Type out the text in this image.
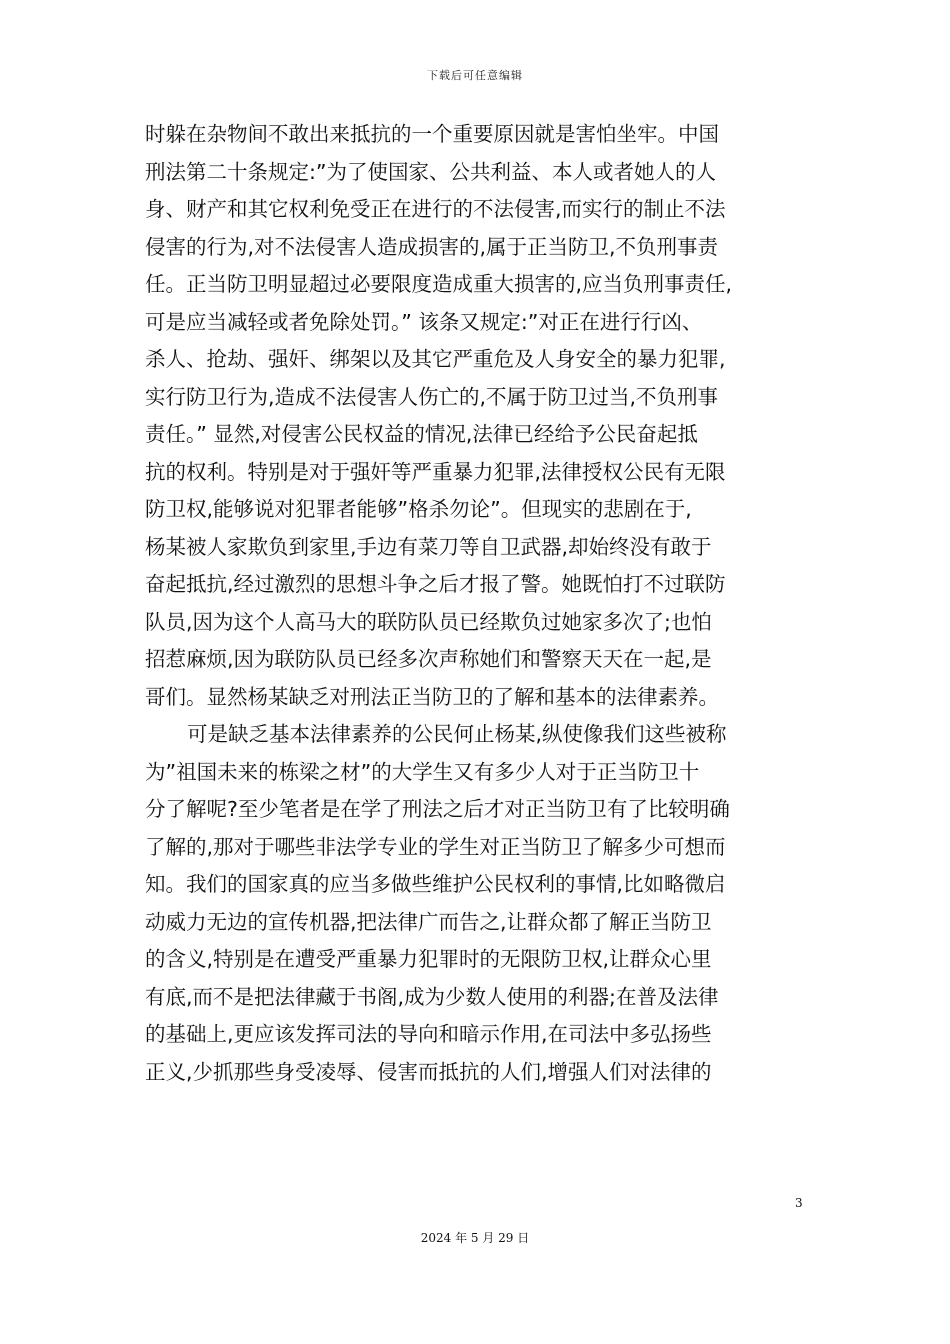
下载后可任意编辑
时躲在杂物间不敢出来抵抗的一个重要原因就是害怕坐牢。中国
刑法第二十条规定:”为了使国家、公共利益、本人或者她人的人
身、财产和其它权利免受正在进行的不法侵害,而实行的制止不法
侵害的行为,对不法侵害人造成损害的,属于正当防卫,不负刑事责
任。正当防卫明显超过必要限度造成重大损害的,应当负刑事责任,
可是应当减轻或者免除处罚。” 该条又规定:”对正在进行行凶、
杀人、抢劫、强奸、绑架以及其它严重危及人身安全的暴力犯罪,
实行防卫行为,造成不法侵害人伤亡的,不属于防卫过当,不负刑事
责任。” 显然,对侵害公民权益的情况,法律已经给予公民奋起抵
抗的权利。特别是对于强奸等严重暴力犯罪,法律授权公民有无限
防卫权,能够说对犯罪者能够”格杀勿论”。但现实的悲剧在于,
杨某被人家欺负到家里,手边有菜刀等自卫武器,却始终没有敢于
奋起抵抗,经过激烈的思想斗争之后才报了警。她既怕打不过联防
队员,因为这个人高马大的联防队员已经欺负过她家多次了;也怕
招惹麻烦,因为联防队员已经多次声称她们和警察天天在一起,是
哥们。显然杨某缺乏对刑法正当防卫的了解和基本的法律素养。
可是缺乏基本法律素养的公民何止杨某,纵使像我们这些被称
为”祖国未来的栋梁之材”的大学生又有多少人对于正当防卫十
分了解呢?至少笔者是在学了刑法之后才对正当防卫有了比较明确
了解的,那对于哪些非法学专业的学生对正当防卫了解多少可想而
知。我们的国家真的应当多做些维护公民权利的事情,比如略微启
动威力无边的宣传机器,把法律广而告之,让群众都了解正当防卫
的含义,特别是在遭受严重暴力犯罪时的无限防卫权,让群众心里
有底,而不是把法律藏于书阁,成为少数人使用的利器;在普及法律
的基础上,更应该发挥司法的导向和暗示作用,在司法中多弘扬些
正义,少抓那些身受凌辱、侵害而抵抗的人们,增强人们对法律的
3
2024 年 5 月 29 日
